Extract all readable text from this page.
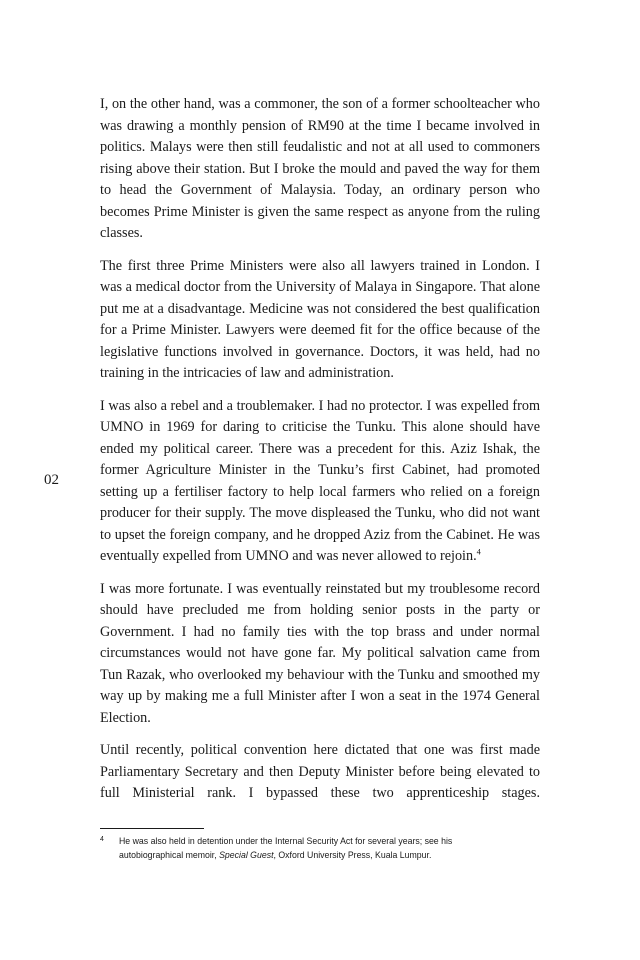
02

I, on the other hand, was a commoner, the son of a former schoolteacher who was drawing a monthly pension of RM90 at the time I became involved in politics. Malays were then still feudalistic and not at all used to commoners rising above their station. But I broke the mould and paved the way for them to head the Government of Malaysia. Today, an ordinary person who becomes Prime Minister is given the same respect as anyone from the ruling classes.

The first three Prime Ministers were also all lawyers trained in London. I was a medical doctor from the University of Malaya in Singapore. That alone put me at a disadvantage. Medicine was not considered the best qualification for a Prime Minister. Lawyers were deemed fit for the office because of the legislative functions involved in governance. Doctors, it was held, had no training in the intricacies of law and administration.

I was also a rebel and a troublemaker. I had no protector. I was expelled from UMNO in 1969 for daring to criticise the Tunku. This alone should have ended my political career. There was a precedent for this. Aziz Ishak, the former Agriculture Minister in the Tunku’s first Cabinet, had promoted setting up a fertiliser factory to help local farmers who relied on a foreign producer for their supply. The move displeased the Tunku, who did not want to upset the foreign company, and he dropped Aziz from the Cabinet. He was eventually expelled from UMNO and was never allowed to rejoin.$^4$

I was more fortunate. I was eventually reinstated but my troublesome record should have precluded me from holding senior posts in the party or Government. I had no family ties with the top brass and under normal circumstances would not have gone far. My political salvation came from Tun Razak, who overlooked my behaviour with the Tunku and smoothed my way up by making me a full Minister after I won a seat in the 1974 General Election.

Until recently, political convention here dictated that one was first made Parliamentary Secretary and then Deputy Minister before being elevated to full Ministerial rank. I bypassed these two apprenticeship stages.

4	He was also held in detention under the Internal Security Act for several years; see his autobiographical memoir, Special Guest, Oxford University Press, Kuala Lumpur.
